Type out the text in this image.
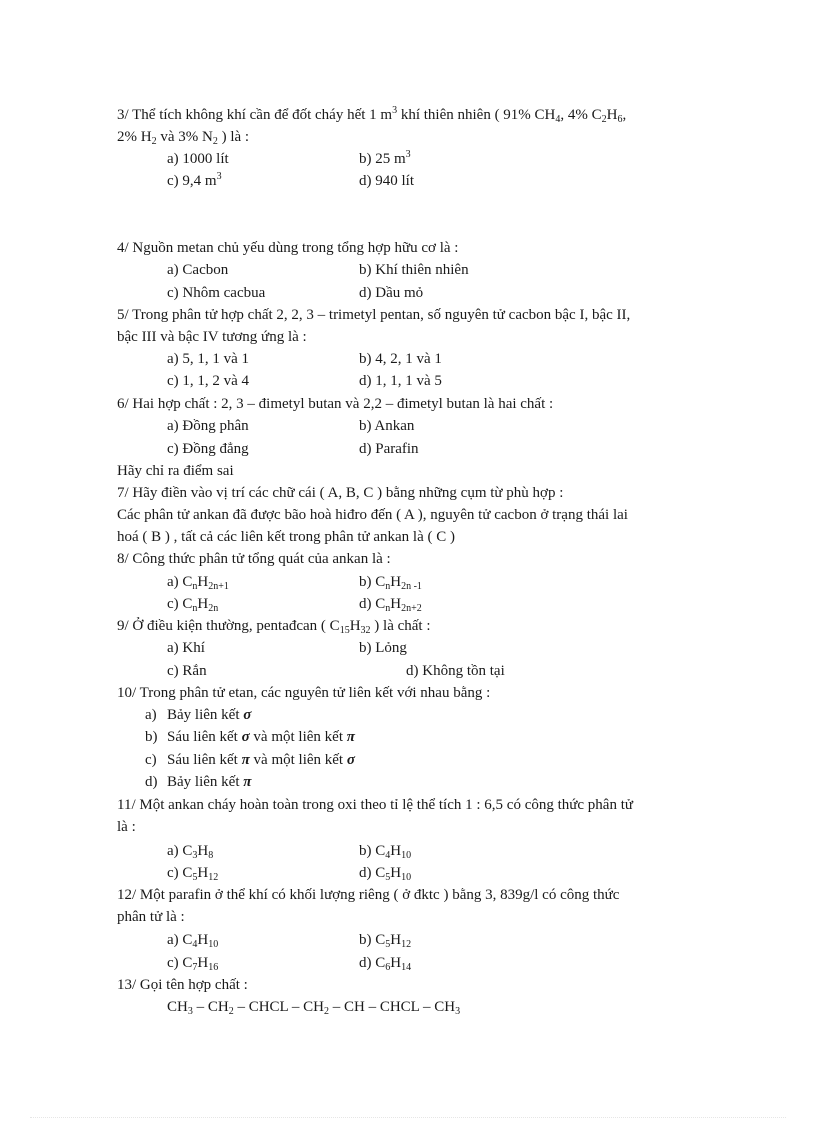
3/ Thể tích không khí cần để đốt cháy hết 1 $m^3$ khí thiên nhiên ( 91% $CH_4$, 4% $C_2H_6$,
2% $H_2$ và 3% $N_2$ ) là :
a) 1000 lít	b) 25 $m^3$
c) 9,4 $m^3$	d) 940 lít
4/ Nguồn metan chủ yếu dùng trong tổng hợp hữu cơ là :
a) Cacbon	b) Khí thiên nhiên
c) Nhôm cacbua	d) Dầu mỏ
5/ Trong phân tử hợp chất 2, 2, 3 – trimetyl pentan, số nguyên tử cacbon bậc I, bậc II,
bậc III và bậc IV tương ứng là :
a) 5, 1, 1 và 1	b) 4, 2, 1 và 1
c) 1, 1, 2 và 4	d) 1, 1, 1 và 5
6/ Hai hợp chất : 2, 3 – đimetyl butan và 2,2 – đimetyl butan là hai chất :
a) Đồng phân	b) Ankan
c) Đồng đẳng	d) Parafin
Hãy chỉ ra điểm sai
7/ Hãy điền vào vị trí các chữ cái ( A, B, C ) bằng những cụm từ phù hợp :
Các phân tử ankan đã được bão hoà hiđro đến ( A ), nguyên tử cacbon ở trạng thái lai
hoá ( B ) , tất cả các liên kết trong phân tử ankan là ( C )
8/ Công thức phân tử tổng quát của ankan là :
a) $C_nH_{2n+1}$	b) $C_nH_{2n -1}$
c) $C_nH_{2n}$	d) $C_nH_{2n+2}$
9/ Ở điều kiện thường, pentađcan ( $C_{15}H_{32}$ ) là chất :
a) Khí	b) Lỏng
c) Rắn	d) Không tồn tại
10/ Trong phân tử etan, các nguyên tử liên kết với nhau bằng :
a) Bảy liên kết σ
b) Sáu liên kết σ và một liên kết π
c) Sáu liên kết π và một liên kết σ
d) Bảy liên kết π
11/ Một ankan cháy hoàn toàn trong oxi theo tỉ lệ thể tích 1 : 6,5 có công thức phân tử
là :
a) $C_3H_8$	b) $C_4H_{10}$
c) $C_5H_{12}$	d) $C_5H_{10}$
12/ Một parafin ở thể khí có khối lượng riêng ( ở đktc ) bằng 3, 839g/l có công thức
phân tử là :
a) $C_4H_{10}$	b) $C_5H_{12}$
c) $C_7H_{16}$	d) $C_6H_{14}$
13/ Gọi tên hợp chất :
$CH_3 - CH_2$ – CHCL – $CH_2$ – CH – CHCL – $CH_3$
